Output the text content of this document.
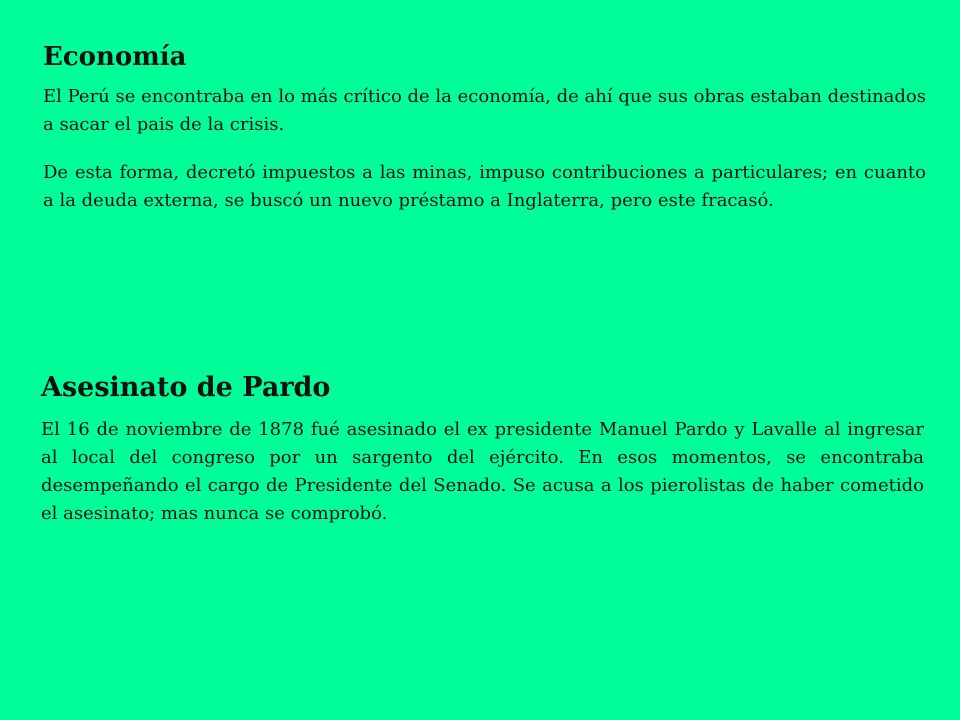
Economía

El Perú se encontraba en lo más crítico de la economía, de ahí que sus obras estaban destinados a sacar el pais de la crisis.

De esta forma, decretó impuestos a las minas, impuso contribuciones a particulares; en cuanto a la deuda externa, se buscó un nuevo préstamo a Inglaterra, pero este fracasó.

Asesinato de Pardo

El 16 de noviembre de 1878 fué asesinado el ex presidente Manuel Pardo y Lavalle al ingresar al local del congreso por un sargento del ejército. En esos momentos, se encontraba desempeñando el cargo de Presidente del Senado. Se acusa a los pierolistas de haber cometido el asesinato; mas nunca se comprobó.
